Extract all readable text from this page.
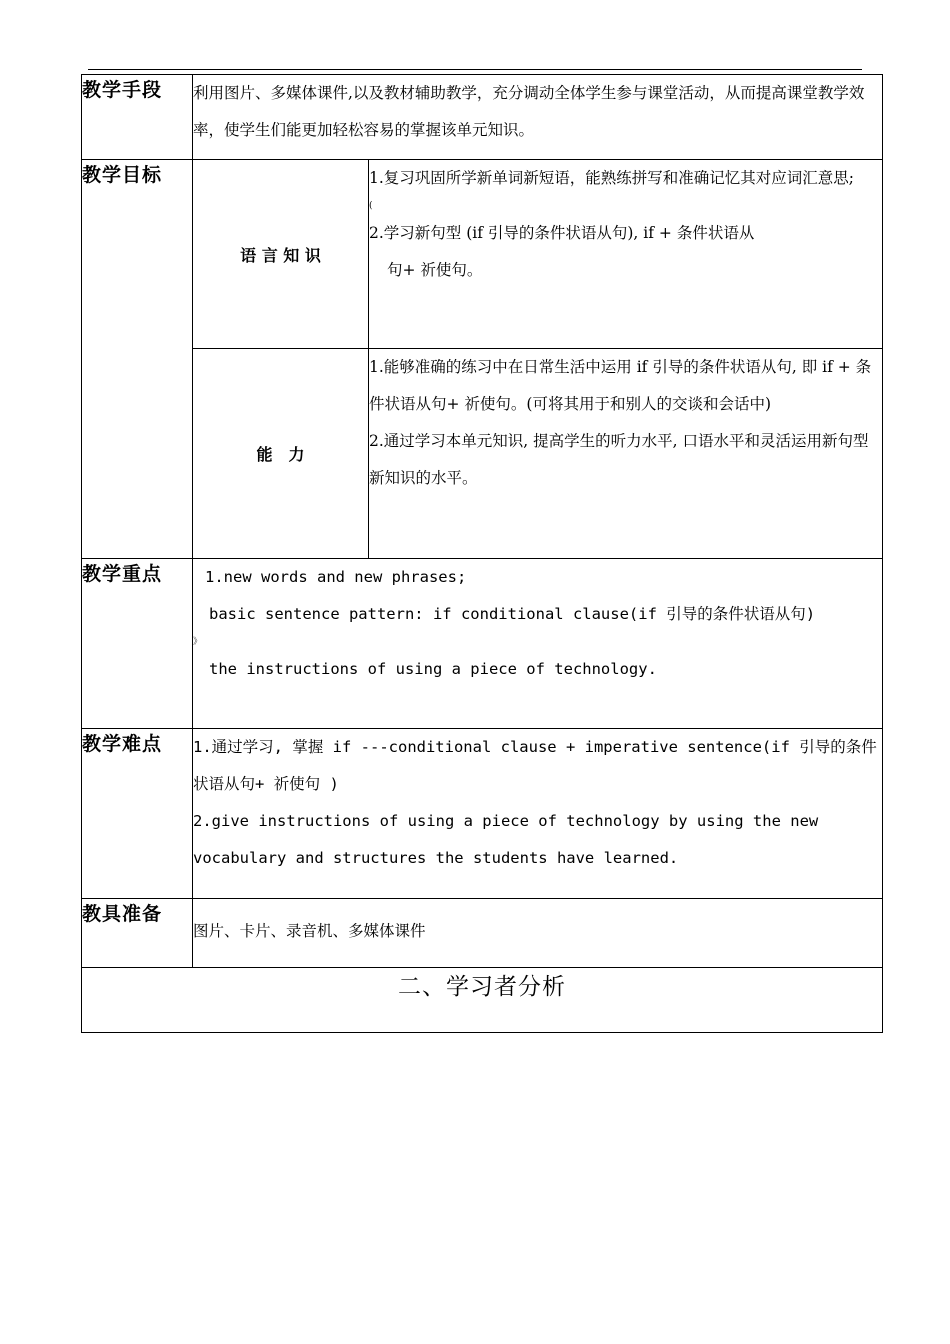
教学手段	利用图片、多媒体课件,以及教材辅助教学，充分调动全体学生参与课堂活动，从而提高课堂教学效率，使学生们能更加轻松容易的掌握该单元知识。	
教学目标	语 言 知 识	1.复习巩固所学新单词新短语，能熟练拼写和准确记忆其对应词汇意思;
(
2.学习新句型 (if 引导的条件状语从句), if + 条件状语从
句+ 祈使句。

	能　力	1.能够准确的练习中在日常生活中运用 if 引导的条件状语从句, 即 if + 条件状语从句+ 祈使句。(可将其用于和别人的交谈和会话中)
2.通过学习本单元知识, 提高学生的听力水平, 口语水平和灵活运用新句型新知识的水平。

教学重点	1.new words and new phrases;
basic sentence pattern: if conditional clause(if 引导的条件状语从句)
》
the instructions of using a piece of technology.	

教学难点	1.通过学习, 掌握 if ---conditional clause + imperative sentence(if 引导的条件状语从句+ 祈使句 )
2.give instructions of using a piece of technology by using the new vocabulary and structures the students have learned.	

教具准备	图片、卡片、录音机、多媒体课件	
二、学习者分析		
